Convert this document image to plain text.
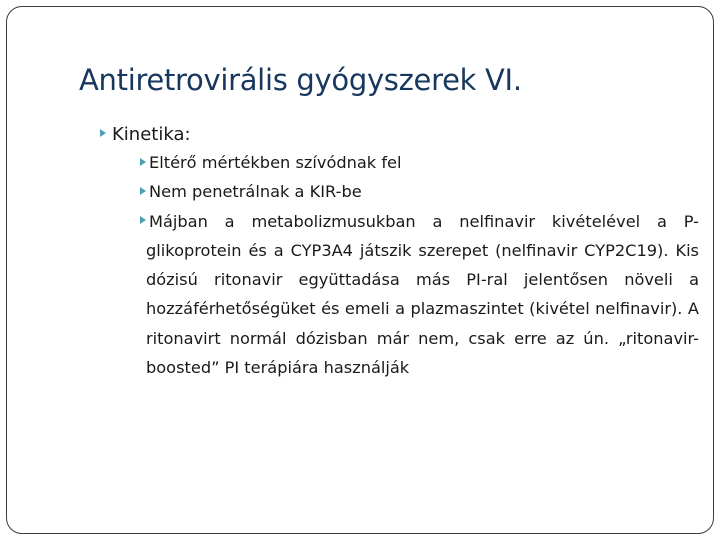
Antiretrovirális gyógyszerek VI.
Kinetika:
Eltérő mértékben szívódnak fel
Nem penetrálnak a KIR-be
Májban a metabolizmusukban a nelfinavir kivételével a P-glikoprotein és a CYP3A4 játszik szerepet (nelfinavir CYP2C19). Kis dózisú ritonavir együttadása más PI-ral jelentősen növeli a hozzáférhetőségüket és emeli a plazmaszintet (kivétel nelfinavir). A ritonavirt normál dózisban már nem, csak erre az ún. „ritonavir-boosted” PI terápiára használják
